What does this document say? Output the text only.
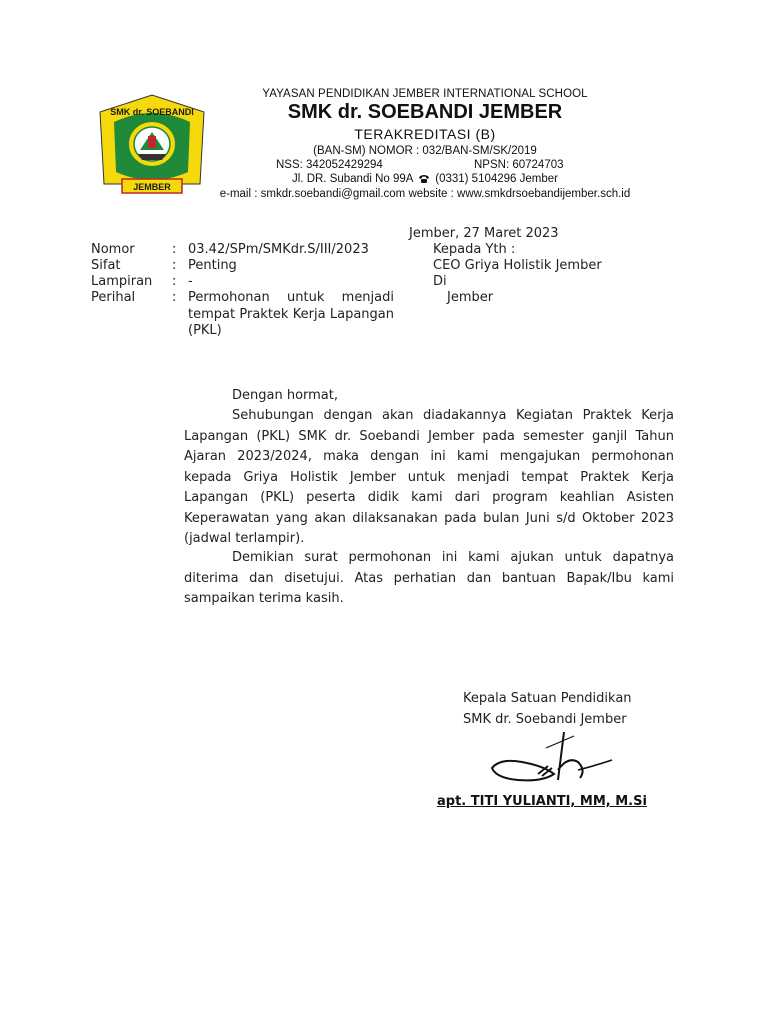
SMK dr. SOEBANDI
JEMBER
YAYASAN PENDIDIKAN JEMBER INTERNATIONAL SCHOOL
SMK dr. SOEBANDI JEMBER
TERAKREDITASI (B)
(BAN-SM) NOMOR : 032/BAN-SM/SK/2019
NSS: 342052429294	NPSN: 60724703
Jl. DR. Subandi No 99A (0331) 5104296 Jember
e-mail : smkdr.soebandi@gmail.com website : www.smkdrsoebandijember.sch.id
Jember, 27 Maret 2023
Nomor	: 03.42/SPm/SMKdr.S/III/2023
Sifat	: Penting
Lampiran : -
Perihal	: Permohonan untuk menjadi tempat Praktek Kerja Lapangan (PKL)
Kepada Yth :
CEO Griya Holistik Jember
Di
Jember
Dengan hormat,
Sehubungan dengan akan diadakannya Kegiatan Praktek Kerja Lapangan (PKL) SMK dr. Soebandi Jember pada semester ganjil Tahun Ajaran 2023/2024, maka dengan ini kami mengajukan permohonan kepada Griya Holistik Jember untuk menjadi tempat Praktek Kerja Lapangan (PKL) peserta didik kami dari program keahlian Asisten Keperawatan yang akan dilaksanakan pada bulan Juni s/d Oktober 2023 (jadwal terlampir).
Demikian surat permohonan ini kami ajukan untuk dapatnya diterima dan disetujui. Atas perhatian dan bantuan Bapak/Ibu kami sampaikan terima kasih.
Kepala Satuan Pendidikan
SMK dr. Soebandi Jember
apt. TITI YULIANTI, MM, M.Si
